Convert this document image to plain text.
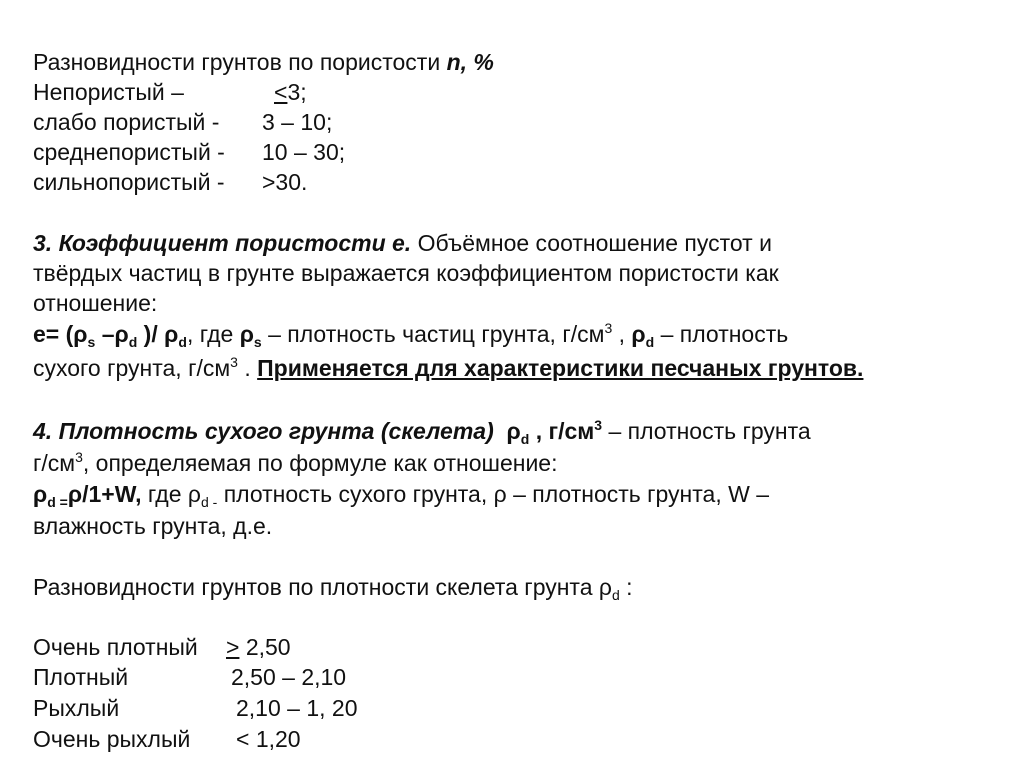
Разновидности грунтов по пористости n, %
Непористый –	<3;
слабо пористый - 3 – 10;
среднепористый - 10 – 30;
сильнопористый - >30.
3. Коэффициент пористости е. Объёмное соотношение пустот и
твёрдых частиц в грунте выражается коэффициентом пористости как
отношение:
$е= (\rho_s$ $-\rho_d$ )/ $\rho_d$, где $\rho_s$ – плотность частиц грунта, $г/см^3$ , $\rho_d$ – плотность
сухого грунта, $г/см^3$ . Применяется для характеристики песчаных грунтов.
4. Плотность сухого грунта (скелета) $\rho_d$ , $г/см^3$ – плотность грунта
$г/см^3$, определяемая по формуле как отношение:
$\rho_{d =}\rho/1+W$, где $\rho_{d -}$ плотность сухого грунта, ρ – плотность грунта, W –
влажность грунта, д.е.
Разновидности грунтов по плотности скелета грунта $\rho_d$ :
Очень плотный > 2,50
Плотный	2,50 – 2,10
Рыхлый	2,10 – 1, 20
Очень рыхлый < 1,20
